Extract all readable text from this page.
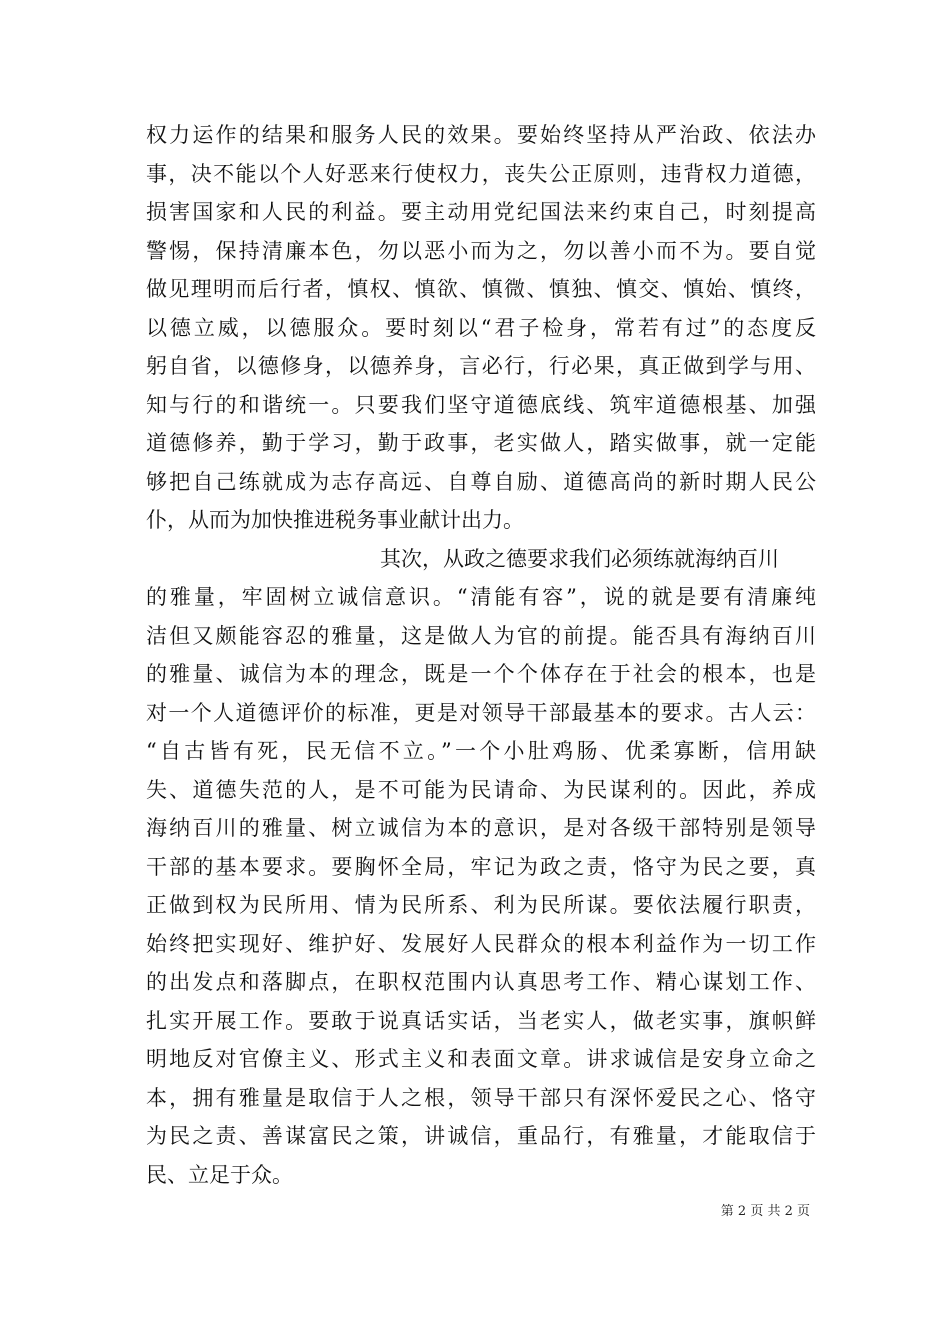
权力运作的结果和服务人民的效果。要始终坚持从严治政、依法办
事，决不能以个人好恶来行使权力，丧失公正原则，违背权力道德，
损害国家和人民的利益。要主动用党纪国法来约束自己，时刻提高
警惕，保持清廉本色，勿以恶小而为之，勿以善小而不为。要自觉
做见理明而后行者，慎权、慎欲、慎微、慎独、慎交、慎始、慎终，
以德立威，以德服众。要时刻以“君子检身，常若有过”的态度反
躬自省，以德修身，以德养身，言必行，行必果，真正做到学与用、
知与行的和谐统一。只要我们坚守道德底线、筑牢道德根基、加强
道德修养，勤于学习，勤于政事，老实做人，踏实做事，就一定能
够把自己练就成为志存高远、自尊自励、道德高尚的新时期人民公
仆，从而为加快推进税务事业献计出力。
其次，从政之德要求我们必须练就海纳百川
的雅量，牢固树立诚信意识。“清能有容”，说的就是要有清廉纯
洁但又颇能容忍的雅量，这是做人为官的前提。能否具有海纳百川
的雅量、诚信为本的理念，既是一个个体存在于社会的根本，也是
对一个人道德评价的标准，更是对领导干部最基本的要求。古人云：
“自古皆有死，民无信不立。”一个小肚鸡肠、优柔寡断，信用缺
失、道德失范的人，是不可能为民请命、为民谋利的。因此，养成
海纳百川的雅量、树立诚信为本的意识，是对各级干部特别是领导
干部的基本要求。要胸怀全局，牢记为政之责，恪守为民之要，真
正做到权为民所用、情为民所系、利为民所谋。要依法履行职责，
始终把实现好、维护好、发展好人民群众的根本利益作为一切工作
的出发点和落脚点，在职权范围内认真思考工作、精心谋划工作、
扎实开展工作。要敢于说真话实话，当老实人，做老实事，旗帜鲜
明地反对官僚主义、形式主义和表面文章。讲求诚信是安身立命之
本，拥有雅量是取信于人之根，领导干部只有深怀爱民之心、恪守
为民之责、善谋富民之策，讲诚信，重品行，有雅量，才能取信于
民、立足于众。
第 2 页 共 2 页
